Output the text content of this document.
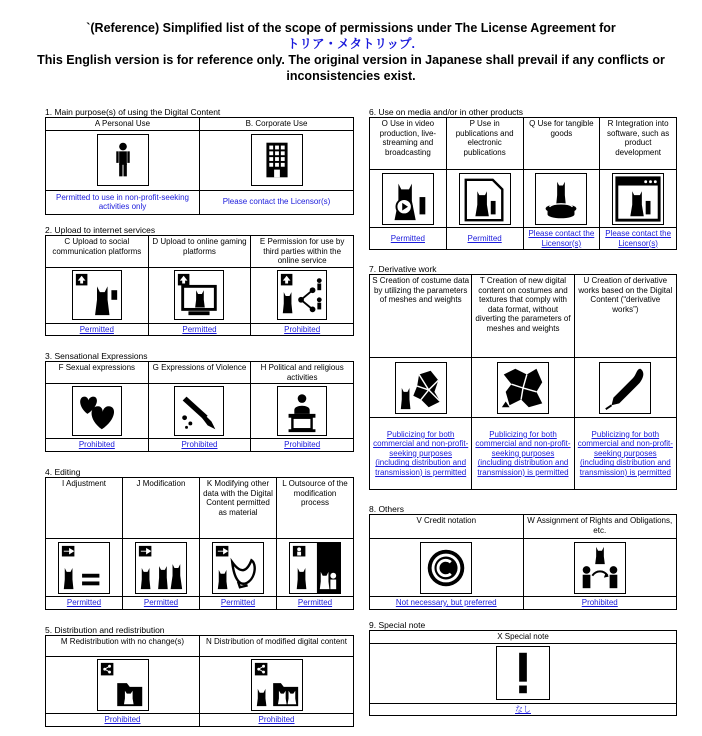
`(Reference) Simplified list of the scope of permissions under The License Agreement for
トリア・メタトリップ.
This English version is for reference only. The original version in Japanese shall prevail if any conflicts or
inconsistencies exist.
1. Main purpose(s) of using the Digital Content
A Personal Use	B. Corporate Use

Permitted to use in non-profit-seeking activities only	Please contact the Licensor(s)
2. Upload to internet services
C Upload to social communication platforms	D Upload to online gaming platforms	E Permission for use by third parties within the online service

Permitted	Permitted	Prohibited
3. Sensational Expressions
F Sexual expressions	G Expressions of Violence	H Political and religious activities

Prohibited	Prohibited	Prohibited
4. Editing
I Adjustment	J Modification	K Modifying other data with the Digital Content permitted as material	L Outsource of the modification process

Permitted	Permitted	Permitted	Permitted
5. Distribution and redistribution
M Redistribution with no change(s)	N Distribution of modified digital content

Prohibited	Prohibited
6. Use on media and/or in other products
O Use in video production, live-streaming and broadcasting	P Use in publications and electronic publications	Q Use for tangible goods	R Integration into software, such as product development

Permitted	Permitted	Please contact the Licensor(s)	Please contact the Licensor(s)
7. Derivative work
S Creation of costume data by utilizing the parameters of meshes and weights	T Creation of new digital content on costumes and textures that comply with data format, without diverting the parameters of meshes and weights	U Creation of derivative works based on the Digital Content (“derivative works”)

Publicizing for both commercial and non-profit-seeking purposes (including distribution and transmission) is permitted	Publicizing for both commercial and non-profit-seeking purposes (including distribution and transmission) is permitted	Publicizing for both commercial and non-profit-seeking purposes (including distribution and transmission) is permitted
8. Others
V Credit notation	W Assignment of Rights and Obligations, etc.

Not necessary, but preferred	Prohibited
9. Special note
X Special note

なし
